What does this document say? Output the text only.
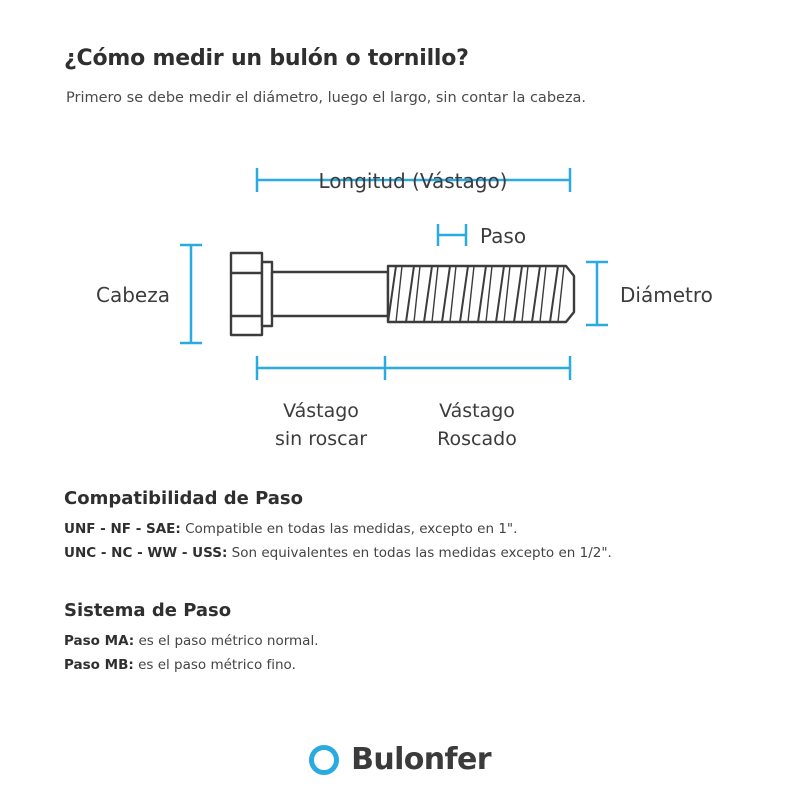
¿Cómo medir un bulón o tornillo?
Primero se debe medir el diámetro, luego el largo, sin contar la cabeza.
Longitud (Vástago)
Paso
Cabeza	Diámetro
Vástago
sin roscar
Vástago
Roscado
Compatibilidad de Paso

UNF - NF - SAE: Compatible en todas las medidas, excepto en 1".

UNC - NC - WW - USS: Son equivalentes en todas las medidas excepto en 1/2".

Sistema de Paso

Paso MA: es el paso métrico normal.

Paso MB: es el paso métrico fino.

Bulonfer
